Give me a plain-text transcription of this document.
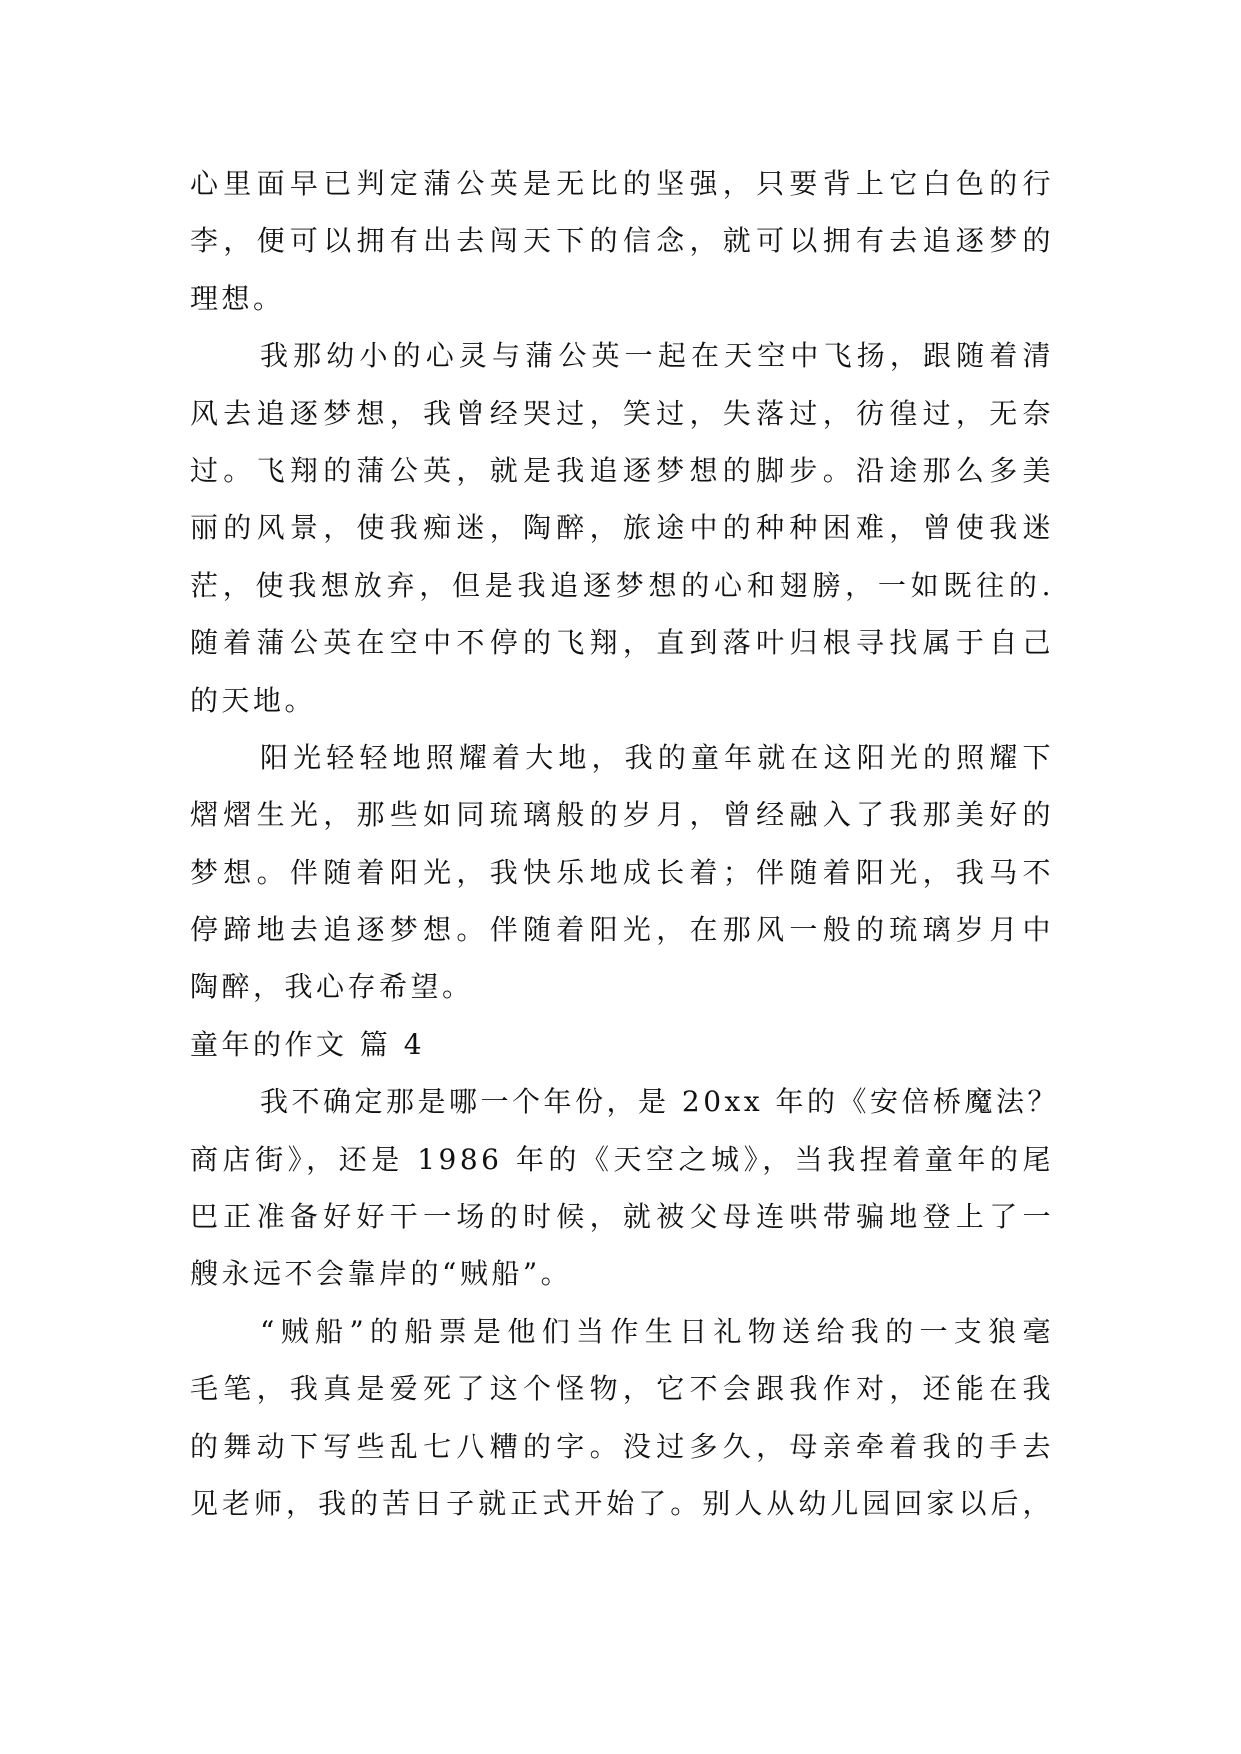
心里面早已判定蒲公英是无比的坚强，只要背上它白色的行
李，便可以拥有出去闯天下的信念，就可以拥有去追逐梦的
理想。
我那幼小的心灵与蒲公英一起在天空中飞扬，跟随着清
风去追逐梦想，我曾经哭过，笑过，失落过，彷徨过，无奈
过。飞翔的蒲公英，就是我追逐梦想的脚步。沿途那么多美
丽的风景，使我痴迷，陶醉，旅途中的种种困难，曾使我迷
茫，使我想放弃，但是我追逐梦想的心和翅膀，一如既往的.
随着蒲公英在空中不停的飞翔，直到落叶归根寻找属于自己
的天地。
阳光轻轻地照耀着大地，我的童年就在这阳光的照耀下
熠熠生光，那些如同琉璃般的岁月，曾经融入了我那美好的
梦想。伴随着阳光，我快乐地成长着；伴随着阳光，我马不
停蹄地去追逐梦想。伴随着阳光，在那风一般的琉璃岁月中
陶醉，我心存希望。
童年的作文 篇 4
我不确定那是哪一个年份，是 20xx 年的《安倍桥魔法？
商店街》，还是 1986 年的《天空之城》，当我捏着童年的尾
巴正准备好好干一场的时候，就被父母连哄带骗地登上了一
艘永远不会靠岸的“贼船”。
“贼船”的船票是他们当作生日礼物送给我的一支狼毫
毛笔，我真是爱死了这个怪物，它不会跟我作对，还能在我
的舞动下写些乱七八糟的字。没过多久，母亲牵着我的手去
见老师，我的苦日子就正式开始了。别人从幼儿园回家以后，
